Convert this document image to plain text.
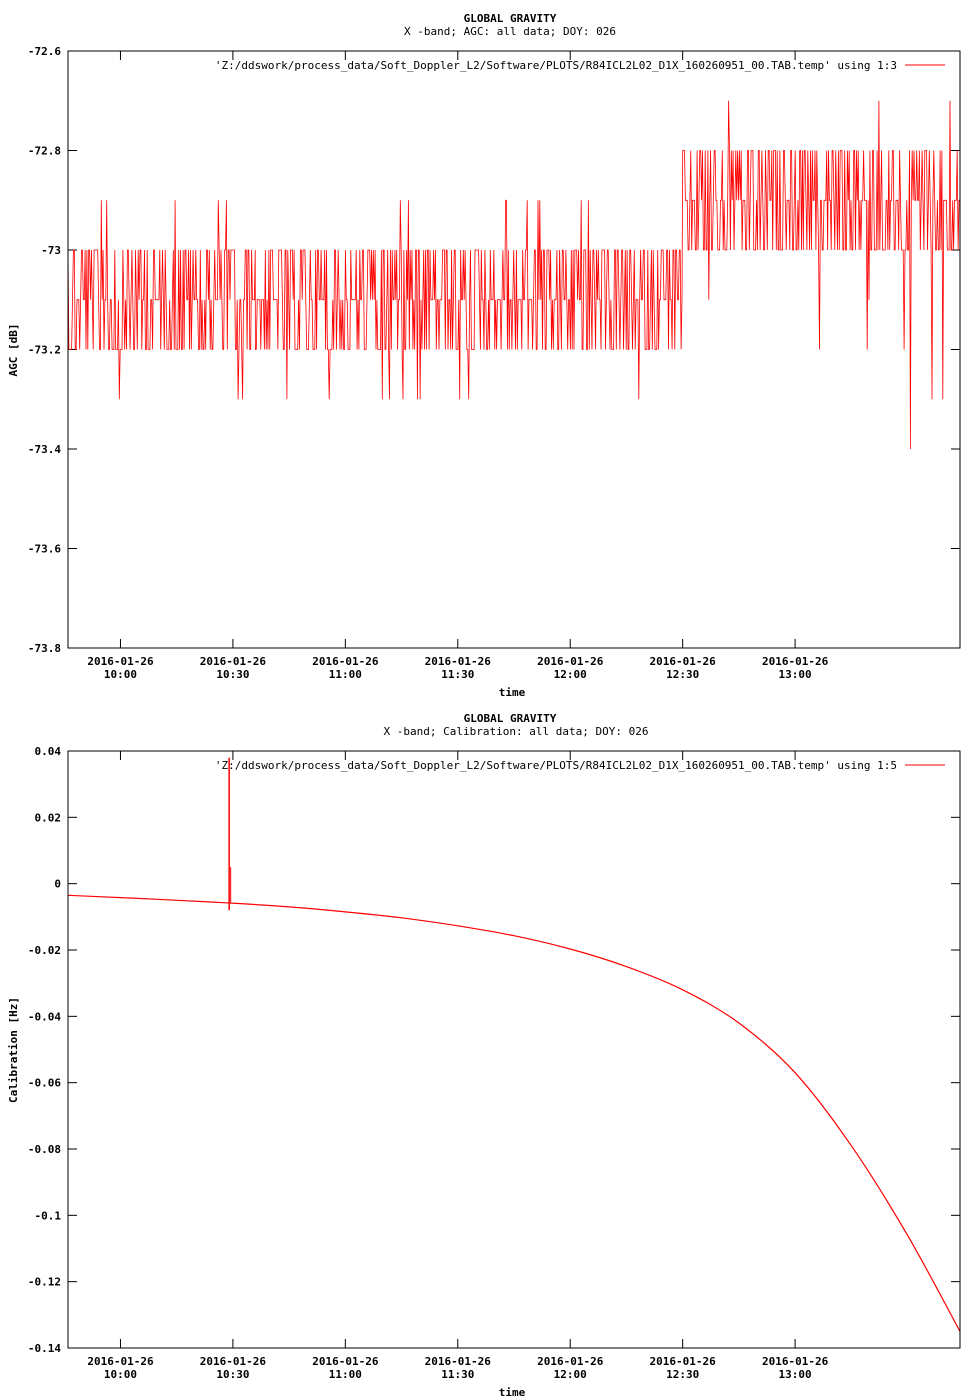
GLOBAL GRAVITY
X -band; AGC: all data; DOY: 026
time
AGC [dB]
-73.8
-73.6
-73.4
-73.2
-73
-72.8
-72.6
2016-01-26
10:00
2016-01-26
10:30
2016-01-26
11:00
2016-01-26
11:30
2016-01-26
12:00
2016-01-26
12:30
2016-01-26
13:00
'Z:/ddswork/process_data/Soft_Doppler_L2/Software/PLOTS/R84ICL2L02_D1X_160260951_00.TAB.temp' using 1:3
GLOBAL GRAVITY
X -band; Calibration: all data; DOY: 026
time
Calibration [Hz]
-0.14
-0.12
-0.1
-0.08
-0.06
-0.04
-0.02
0
0.02
0.04
2016-01-26
10:00
2016-01-26
10:30
2016-01-26
11:00
2016-01-26
11:30
2016-01-26
12:00
2016-01-26
12:30
2016-01-26
13:00
'Z:/ddswork/process_data/Soft_Doppler_L2/Software/PLOTS/R84ICL2L02_D1X_160260951_00.TAB.temp' using 1:5
